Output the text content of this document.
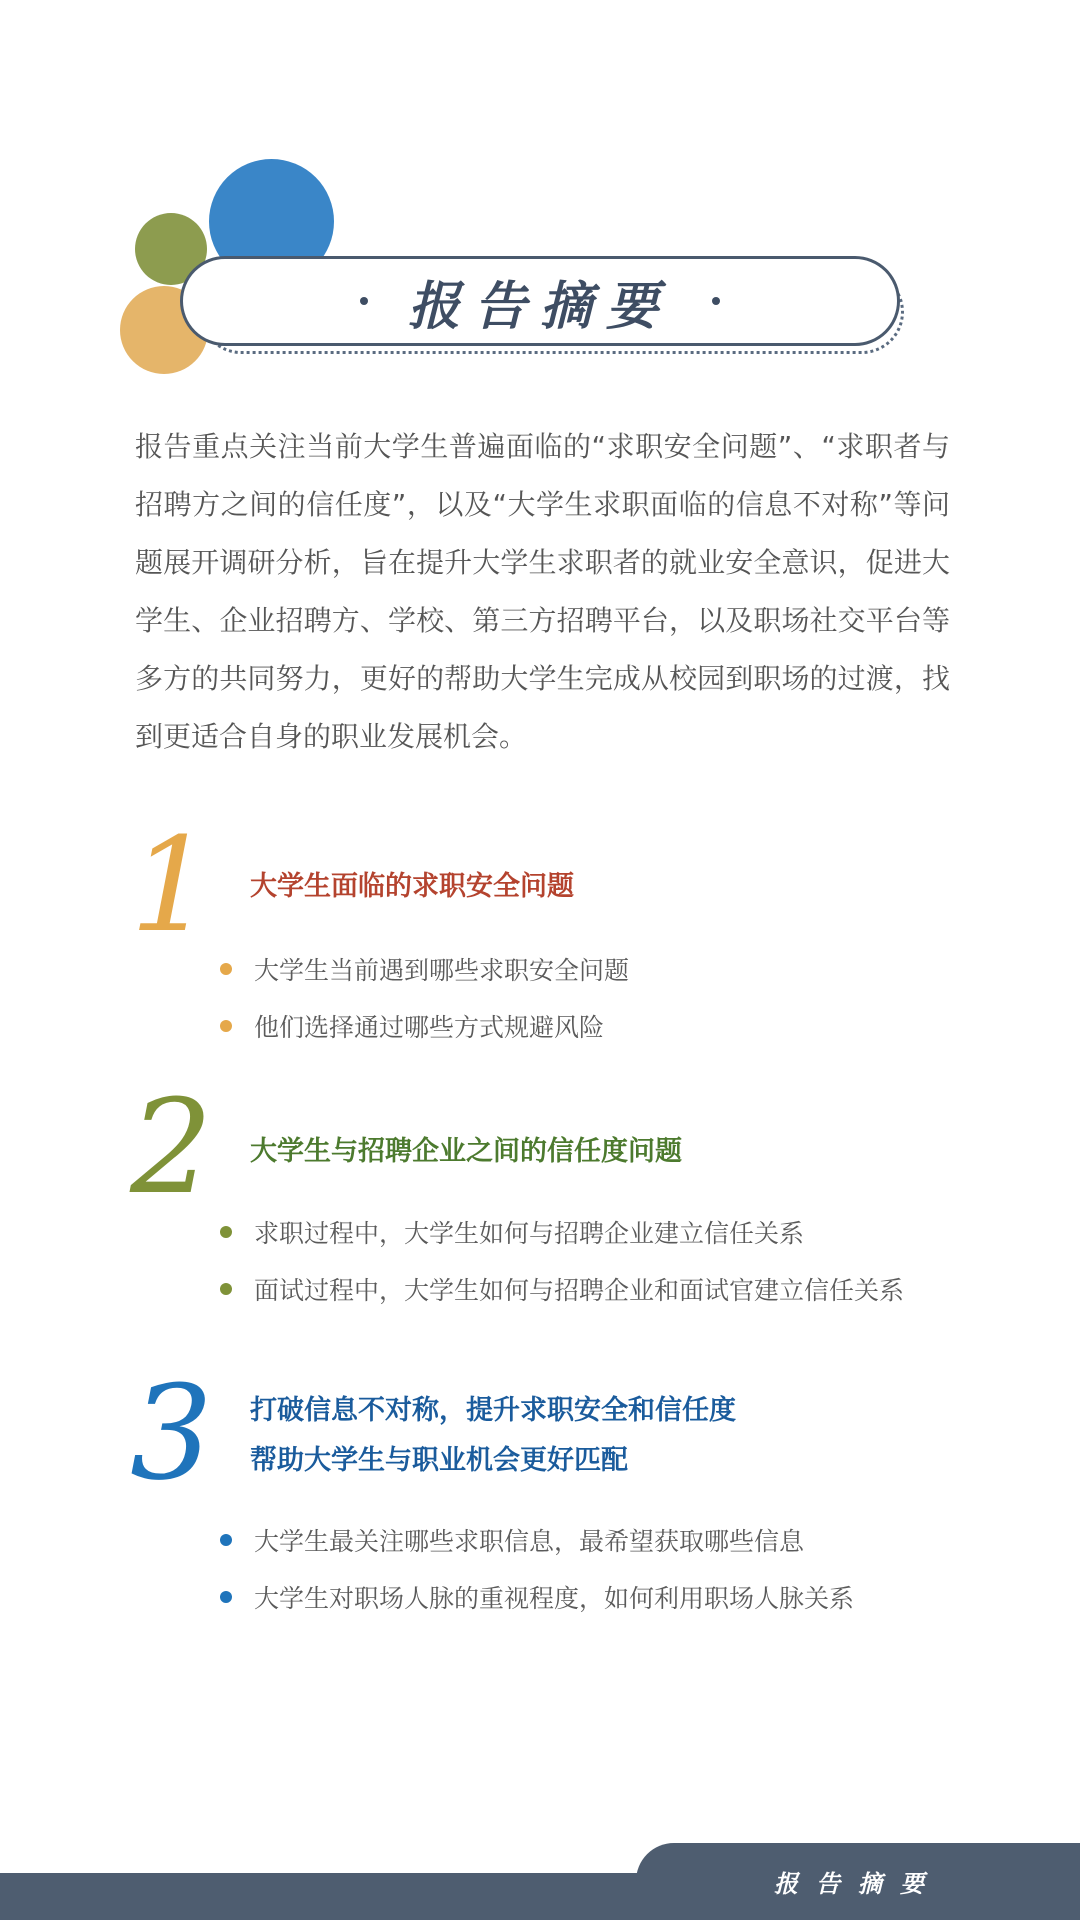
报告摘要

报告重点关注当前大学生普遍面临的“求职安全问题”、“求职者与招聘方之间的信任度”，以及“大学生求职面临的信息不对称”等问题展开调研分析，旨在提升大学生求职者的就业安全意识，促进大学生、企业招聘方、学校、第三方招聘平台，以及职场社交平台等多方的共同努力，更好的帮助大学生完成从校园到职场的过渡，找到更适合自身的职业发展机会。

1 大学生面临的求职安全问题
大学生当前遇到哪些求职安全问题
他们选择通过哪些方式规避风险
2 大学生与招聘企业之间的信任度问题
求职过程中，大学生如何与招聘企业建立信任关系
面试过程中，大学生如何与招聘企业和面试官建立信任关系
3 打破信息不对称，提升求职安全和信任度
帮助大学生与职业机会更好匹配
大学生最关注哪些求职信息，最希望获取哪些信息
大学生对职场人脉的重视程度，如何利用职场人脉关系
报告摘要
